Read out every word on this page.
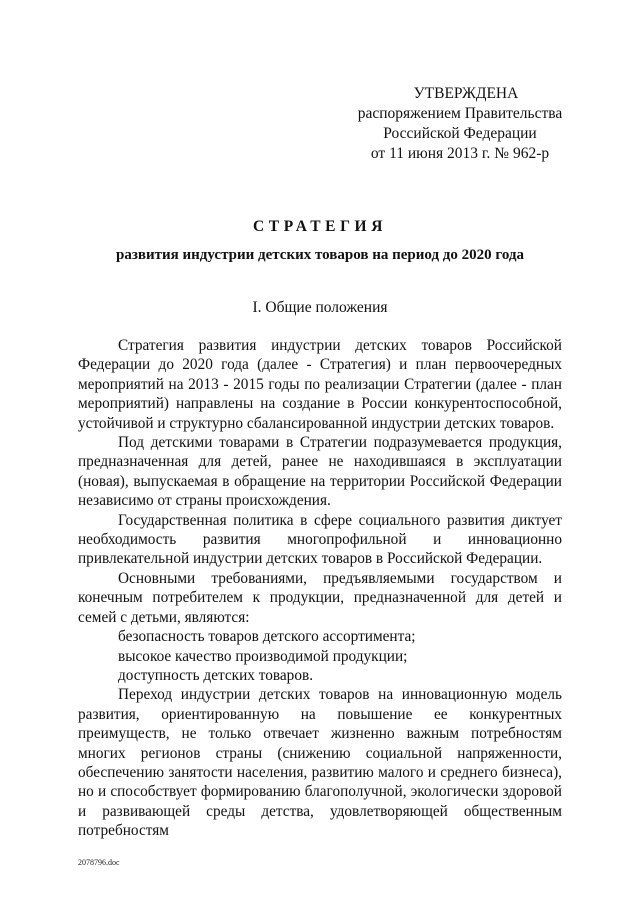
УТВЕРЖДЕНА
распоряжением Правительства
Российской Федерации
от 11 июня 2013 г. № 962-р
СТРАТЕГИЯ
развития индустрии детских товаров на период до 2020 года
I. Общие положения

Стратегия развития индустрии детских товаров Российской Федерации до 2020 года (далее - Стратегия) и план первоочередных мероприятий на 2013 - 2015 годы по реализации Стратегии (далее - план мероприятий) направлены на создание в России конкурентоспособной, устойчивой и структурно сбалансированной индустрии детских товаров.

Под детскими товарами в Стратегии подразумевается продукция, предназначенная для детей, ранее не находившаяся в эксплуатации (новая), выпускаемая в обращение на территории Российской Федерации независимо от страны происхождения.

Государственная политика в сфере социального развития диктует необходимость развития многопрофильной и инновационно привлекательной индустрии детских товаров в Российской Федерации.

Основными требованиями, предъявляемыми государством и конечным потребителем к продукции, предназначенной для детей и семей с детьми, являются:

безопасность товаров детского ассортимента;

высокое качество производимой продукции;

доступность детских товаров.

Переход индустрии детских товаров на инновационную модель развития, ориентированную на повышение ее конкурентных преимуществ, не только отвечает жизненно важным потребностям многих регионов страны (снижению социальной напряженности, обеспечению занятости населения, развитию малого и среднего бизнеса), но и способствует формированию благополучной, экологически здоровой и развивающей среды детства, удовлетворяющей общественным потребностям

2078796.doc
